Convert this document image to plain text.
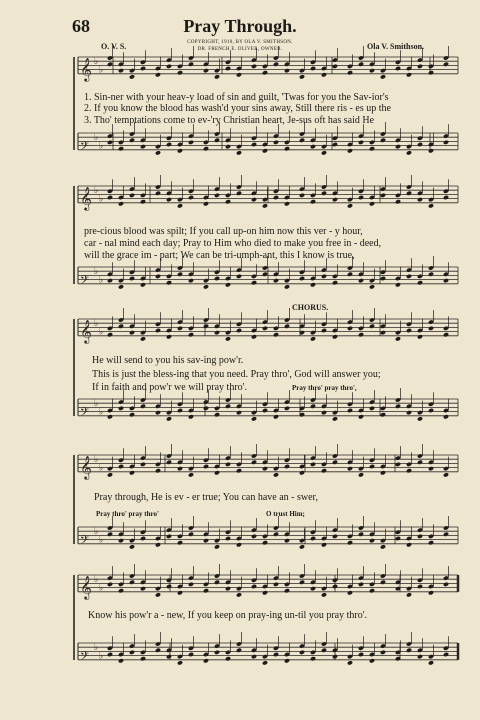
68	Pray Through.
COPYRIGHT, 1910, BY OLA V. SMITHSON.
DR. FRENCH E. OLIVER, OWNER.
O. V. S.	Ola V. Smithson.
𝄞 ♭
♭
𝄢
♭
♭
𝄞 ♭
♭
𝄢
♭
♭
𝄞 ♭
♭
𝄢
♭
♭
𝄞 ♭
♭
𝄢
♭
♭
𝄞 ♭
♭
𝄢
♭
♭
1. Sin-ner with your heav-y load of sin and guilt, 'Twas for you the Sav-ior's
2. If you know the blood has wash'd your sins away, Still there ris - es up the
3. Tho' temptations come to ev-'ry Christian heart, Je-sus oft has said He
pre-cious blood was spilt; If you call up-on him now this ver - y hour,
car - nal mind each day; Pray to Him who died to make you free in - deed,
will the grace im - part; We can be tri-umph-ant, this I know is true,
CHORUS.
He will send to you his sav-ing pow'r.
This is just the bless-ing that you need. Pray thro', God will answer you;
If in faith and pow'r we will pray thro'.	Pray thro' pray thro',
Pray through, He is ev - er true; You can have an - swer,
Pray thro' pray thro'	O trust Him;
Know his pow'r a - new, If you keep on pray-ing un-til you pray thro'.
